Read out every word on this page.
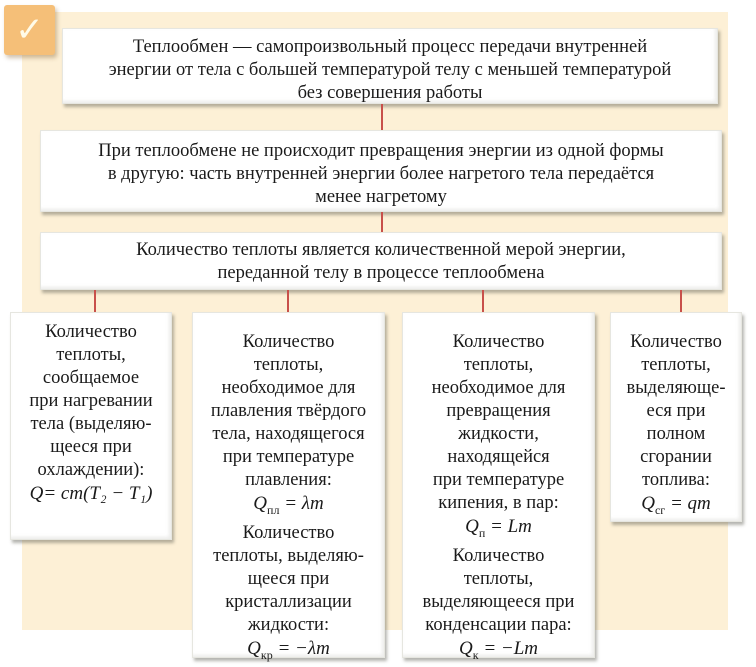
✓	Теплообмен — самопроизвольный процесс передачи внутренней

энергии от тела с большей температурой телу с меньшей температурой

без совершения работы

При теплообмене не происходит превращения энергии из одной формы

в другую: часть внутренней энергии более нагретого тела передаётся

менее нагретому

Количество теплоты является количественной мерой энергии,

переданной телу в процессе теплообмена

Количество
теплоты,
сообщаемое
при нагревании
тела (выделяю-
щееся при
охлаждении):
Q= cm(T₂ − T₁)
Количество
теплоты,
необходимое для
плавления твёрдого
тела, находящегося
при температуре
плавления:
$Q_{пл} = \lambda m$
Количество
теплоты, выделяю-
щееся при
кристаллизации
жидкости:
$Q_{кр} = -\lambda m$
Количество
теплоты,
необходимое для
превращения
жидкости,
находящейся
при температуре
кипения, в пар:
$Q_п = Lm$
Количество
теплоты,
выделяющееся при
конденсации пара:
$Q_к = -Lm$
Количество
теплоты,
выделяюще-
еся при
полном
сгорании
топлива:
$Q_{сг}$ = qm
